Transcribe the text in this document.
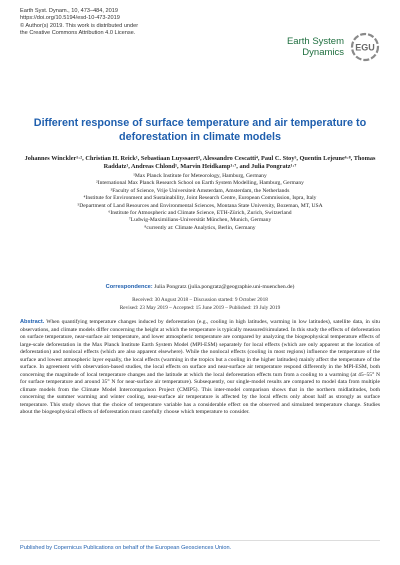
Earth Syst. Dynam., 10, 473–484, 2019
https://doi.org/10.5194/esd-10-473-2019
© Author(s) 2019. This work is distributed under
the Creative Commons Attribution 4.0 License.
Earth System
Dynamics EGU
Different response of surface temperature and air temperature to deforestation in climate models
Johannes Winckler¹·², Christian H. Reick¹, Sebastiaan Luyssaert³, Alessandro Cescatti⁴, Paul C. Stoy⁵, Quentin Lejeune⁶·⁸, Thomas Raddatz¹, Andreas Chlond¹, Marvin Heidkamp¹·⁷, and Julia Pongratz¹·⁷
¹Max Planck Institute for Meteorology, Hamburg, Germany
²International Max Planck Research School on Earth System Modelling, Hamburg, Germany
³Faculty of Science, Vrije Universiteit Amsterdam, Amsterdam, the Netherlands
⁴Institute for Environment and Sustainability, Joint Research Centre, European Commission, Ispra, Italy
⁵Department of Land Resources and Environmental Sciences, Montana State University, Bozeman, MT, USA
⁶Institute for Atmospheric and Climate Science, ETH-Zürich, Zurich, Switzerland
⁷Ludwig-Maximilians-Universität München, Munich, Germany
⁸currently at: Climate Analytics, Berlin, Germany
Correspondence: Julia Pongratz (julia.pongratz@geographie.uni-muenchen.de)
Received: 30 August 2018 – Discussion started: 9 October 2018
Revised: 23 May 2019 – Accepted: 15 June 2019 – Published: 19 July 2019
Abstract. When quantifying temperature changes induced by deforestation (e.g., cooling in high latitudes, warming in low latitudes), satellite data, in situ observations, and climate models differ concerning the height at which the temperature is typically measured/simulated. In this study the effects of deforestation on surface temperature, near-surface air temperature, and lower atmospheric temperature are compared by analyzing the biogeophysical temperature effects of large-scale deforestation in the Max Planck Institute Earth System Model (MPI-ESM) separately for local effects (which are only apparent at the location of deforestation) and nonlocal effects (which are also apparent elsewhere). While the nonlocal effects (cooling in most regions) influence the temperature of the surface and lowest atmospheric layer equally, the local effects (warming in the tropics but a cooling in the higher latitudes) mainly affect the temperature of the surface. In agreement with observation-based studies, the local effects on surface and near-surface air temperature respond differently in the MPI-ESM, both concerning the magnitude of local temperature changes and the latitude at which the local deforestation effects turn from a cooling to a warming (at 45–55° N for surface temperature and around 35° N for near-surface air temperature). Subsequently, our single-model results are compared to model data from multiple climate models from the Climate Model Intercomparison Project (CMIP5). This inter-model comparison shows that in the northern midlatitudes, both concerning the summer warming and winter cooling, near-surface air temperature is affected by the local effects only about half as strongly as surface temperature. This study shows that the choice of temperature variable has a considerable effect on the observed and simulated temperature change. Studies about the biogeophysical effects of deforestation must carefully choose which temperature to consider.
Published by Copernicus Publications on behalf of the European Geosciences Union.
